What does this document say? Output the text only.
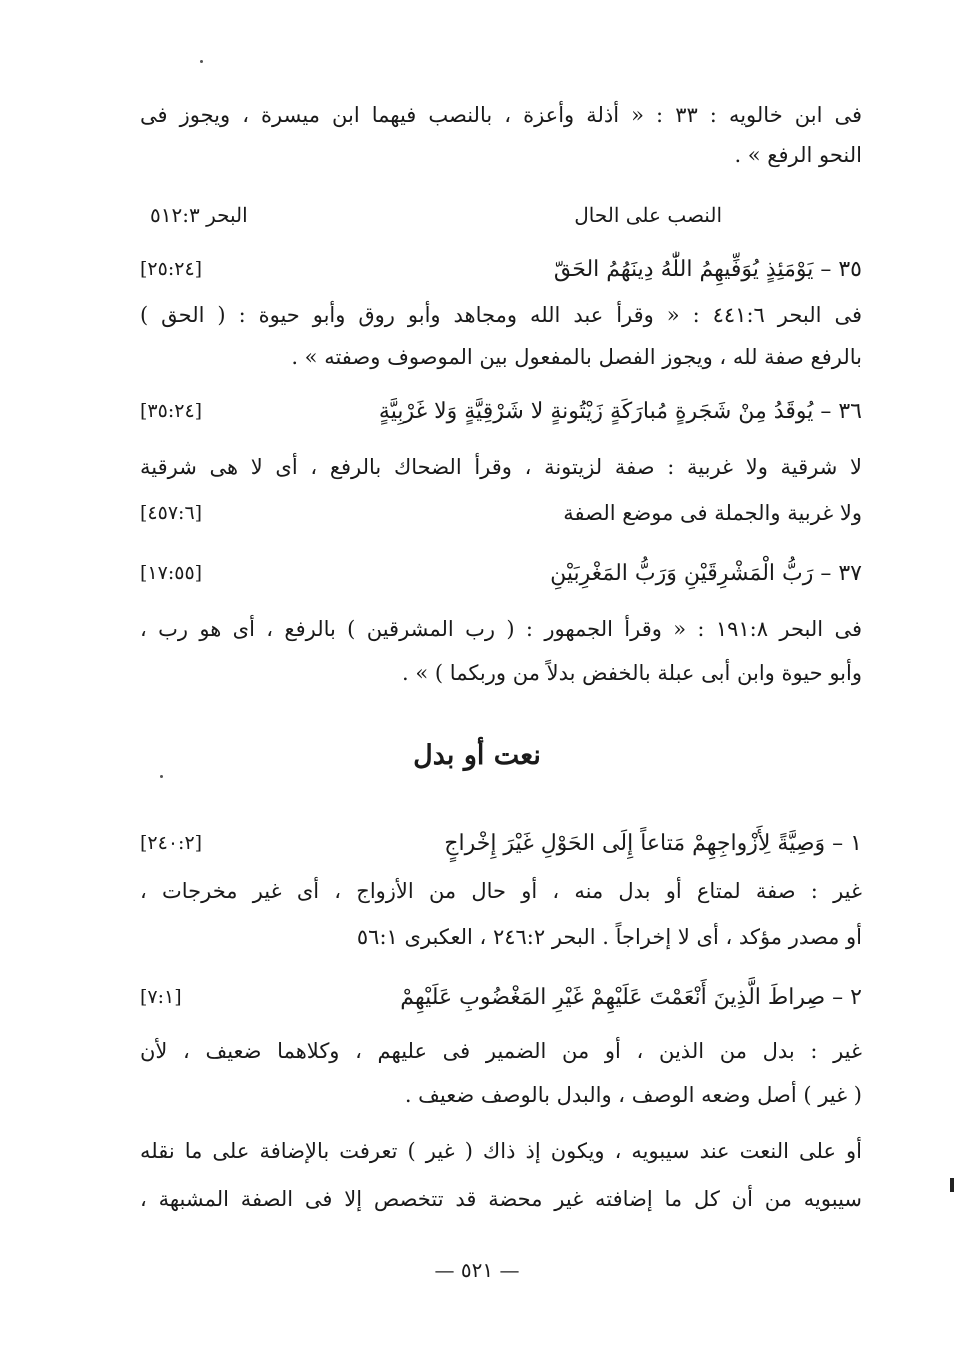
فى ابن خالويه : ٣٣ : « أذلة وأعزة ، بالنصب فيهما ابن ميسرة ، ويجوز فى
النحو الرفع » .
النصب على الحال
البحر ٥١٢:٣
٣٥ – يَوْمَئِذٍ يُوَفِّيهِمُ اللّٰهُ دِينَهُمُ الحَقّ
[٢٥:٢٤]
فى البحر ٤٤١:٦ : « وقرأ عبد الله ومجاهد وأبو روق وأبو حيوة : ( الحق )
بالرفع صفة لله ، ويجوز الفصل بالمفعول بين الموصوف وصفته » .
٣٦ – يُوقَدُ مِنْ شَجَرةٍ مُبارَكَةٍ زَيْتُونةٍ لا شَرْقِيَّةٍ وَلا غَرْبِيَّةٍ
[٣٥:٢٤]
لا شرقية ولا غربية : صفة لزيتونة ، وقرأ الضحاك بالرفع ، أى لا هى شرقية
ولا غربية والجملة فى موضع الصفة
[٤٥٧:٦]
٣٧ – رَبُّ الْمَشْرِقَيْنِ وَرَبُّ المَغْرِبَيْنِ
[١٧:٥٥]
فى البحر ١٩١:٨ : « وقرأ الجمهور : ( رب المشرقين ) بالرفع ، أى هو رب ،
وأبو حيوة وابن أبى عبلة بالخفض بدلاً من وربكما ) » .
نعت أو بدل
١ – وَصِيَّةً لِأَزْواجِهِمْ مَتاعاً إِلَى الحَوْلِ غَيْرَ إِخْراجٍ
[٢٤٠:٢]
غير : صفة لمتاع أو بدل منه ، أو حال من الأزواج ، أى غير مخرجات ،
أو مصدر مؤكد ، أى لا إخراجاً . البحر ٢٤٦:٢ ، العكبرى ٥٦:١
٢ – صِراطَ الَّذِينَ أَنْعَمْتَ عَلَيْهِمْ غَيْرِ المَغْضُوبِ عَلَيْهِمْ
[٧:١]
غير : بدل من الذين ، أو من الضمير فى عليهم ، وكلاهما ضعيف ، لأن
( غير ) أصل وضعه الوصف ، والبدل بالوصف ضعيف .
أو على النعت عند سيبويه ، ويكون إذ ذاك ( غير ) تعرفت بالإضافة على ما نقله
سيبويه من أن كل ما إضافته غير محضة قد تتخصص إلا فى الصفة المشبهة ،
— ٥٢١ —
